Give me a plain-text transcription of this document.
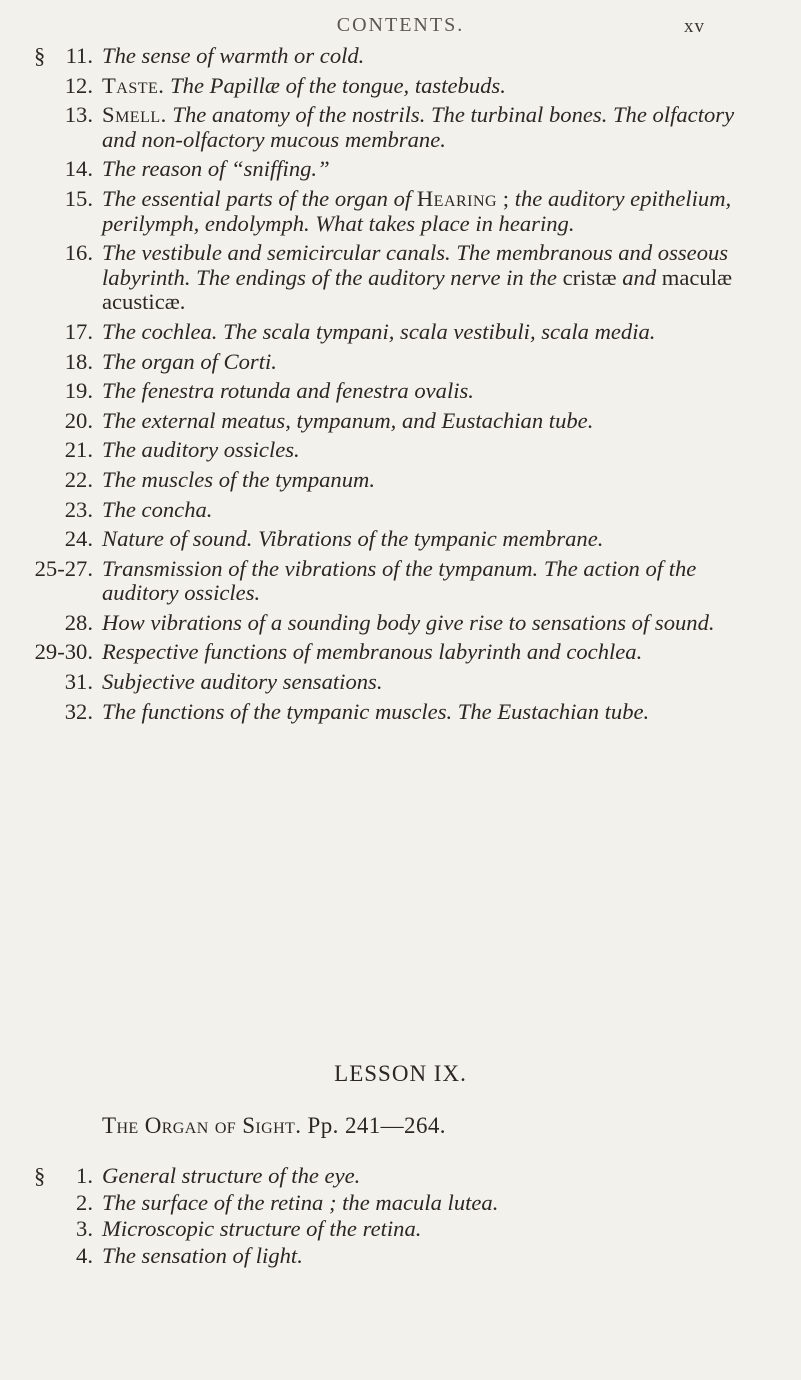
CONTENTS.	xv
§ 11. The sense of warmth or cold.
12. Taste. The Papillæ of the tongue, tastebuds.
13. Smell. The anatomy of the nostrils. The turbinal bones. The olfactory and non-olfactory mucous membrane.
14. The reason of “sniffing.”
15. The essential parts of the organ of Hearing ; the auditory epithelium, perilymph, endolymph. What takes place in hearing.
16. The vestibule and semicircular canals. The membranous and osseous labyrinth. The endings of the auditory nerve in the cristæ and maculæ acusticæ.
17. The cochlea. The scala tympani, scala vestibuli, scala media.
18. The organ of Corti.
19. The fenestra rotunda and fenestra ovalis.
20. The external meatus, tympanum, and Eustachian tube.
21. The auditory ossicles.
22. The muscles of the tympanum.
23. The concha.
24. Nature of sound. Vibrations of the tympanic membrane.
25-27. Transmission of the vibrations of the tympanum. The action of the auditory ossicles.
28. How vibrations of a sounding body give rise to sensations of sound.
29-30. Respective functions of membranous labyrinth and cochlea.
31. Subjective auditory sensations.
32. The functions of the tympanic muscles. The Eustachian tube.
LESSON IX.
The Organ of Sight. Pp. 241—264.
§ 1. General structure of the eye.
2. The surface of the retina ; the macula lutea.
3. Microscopic structure of the retina.
4. The sensation of light.
